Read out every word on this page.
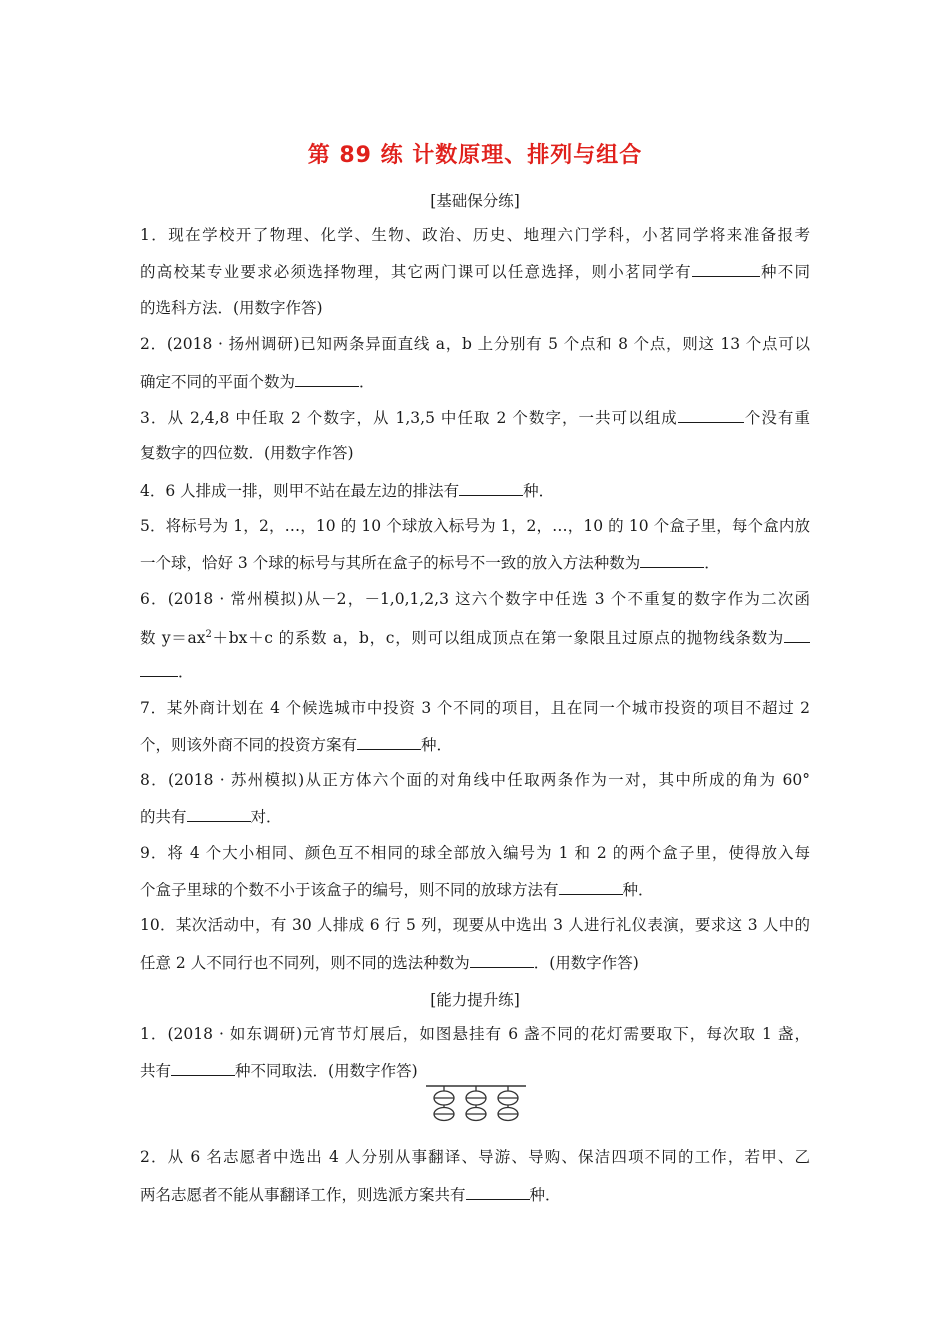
第 89 练 计数原理、排列与组合
[基础保分练]
1．现在学校开了物理、化学、生物、政治、历史、地理六门学科，小茗同学将来准备报考
的高校某专业要求必须选择物理，其它两门课可以任意选择，则小茗同学有	种不同
的选科方法．(用数字作答)
2．(2018 · 扬州调研)已知两条异面直线 a，b 上分别有 5 个点和 8 个点，则这 13 个点可以
确定不同的平面个数为	．
3．从 2,4,8 中任取 2 个数字，从 1,3,5 中任取 2 个数字，一共可以组成	个没有重
复数字的四位数．(用数字作答)
4．6 人排成一排，则甲不站在最左边的排法有	种．
5．将标号为 1，2，…，10 的 10 个球放入标号为 1，2，…，10 的 10 个盒子里，每个盒内放
一个球，恰好 3 个球的标号与其所在盒子的标号不一致的放入方法种数为	．
6．(2018 · 常州模拟)从－2，－1,0,1,2,3 这六个数字中任选 3 个不重复的数字作为二次函
数 $y=ax^2+bx+c$ 的系数 a，b，c，则可以组成顶点在第一象限且过原点的抛物线条数为
．
7．某外商计划在 4 个候选城市中投资 3 个不同的项目，且在同一个城市投资的项目不超过 2
个，则该外商不同的投资方案有	种．
8．(2018 · 苏州模拟)从正方体六个面的对角线中任取两条作为一对，其中所成的角为 60°
的共有	对．
9．将 4 个大小相同、颜色互不相同的球全部放入编号为 1 和 2 的两个盒子里，使得放入每
个盒子里球的个数不小于该盒子的编号，则不同的放球方法有	种．
10．某次活动中，有 30 人排成 6 行 5 列，现要从中选出 3 人进行礼仪表演，要求这 3 人中的
任意 2 人不同行也不同列，则不同的选法种数为	．(用数字作答)
[能力提升练]
1．(2018 · 如东调研)元宵节灯展后，如图悬挂有 6 盏不同的花灯需要取下，每次取 1 盏，
共有	种不同取法．(用数字作答)
2．从 6 名志愿者中选出 4 人分别从事翻译、导游、导购、保洁四项不同的工作，若甲、乙
两名志愿者不能从事翻译工作，则选派方案共有	种．
